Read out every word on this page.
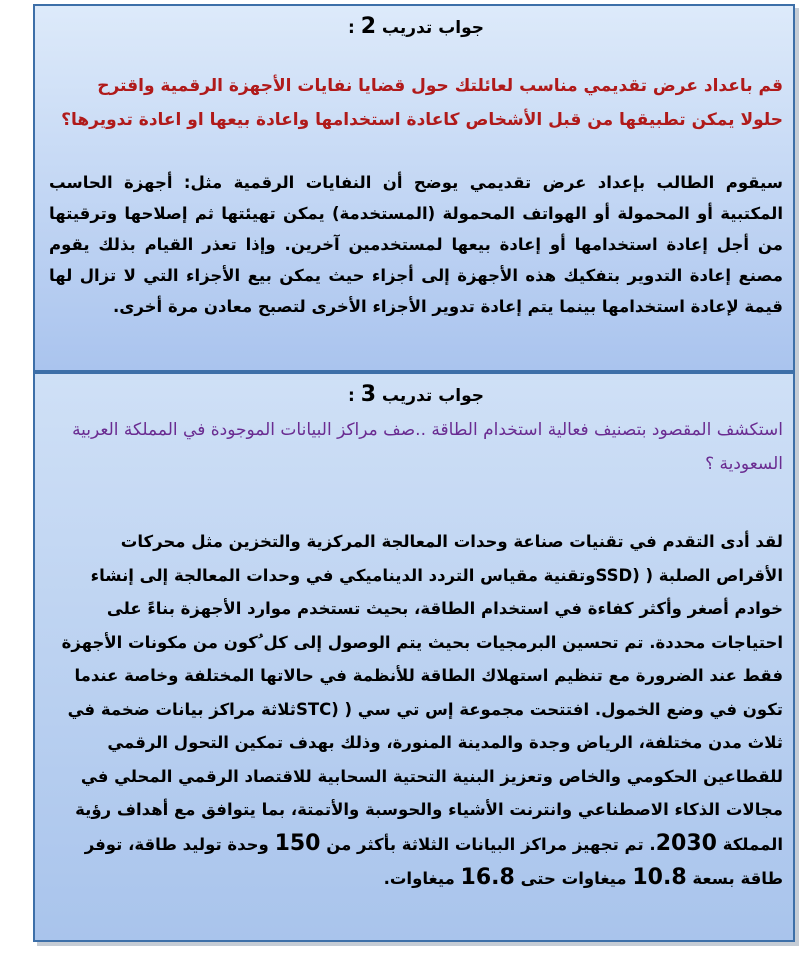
جواب تدريب 2 :
قم باعداد عرض تقديمي مناسب لعائلتك حول قضايا نفايات الأجهزة الرقمية واقترح حلولا يمكن تطبيقها من قبل الأشخاص كاعادة استخدامها واعادة بيعها او اعادة تدويرها؟
سيقوم الطالب بإعداد عرض تقديمي يوضح أن النفايات الرقمية مثل: أجهزة الحاسب المكتبية أو المحمولة أو الهواتف المحمولة (المستخدمة) يمكن تهيئتها ثم إصلاحها وترقيتها من أجل إعادة استخدامها أو إعادة بيعها لمستخدمين آخرين. وإذا تعذر القيام بذلك يقوم مصنع إعادة التدوير بتفكيك هذه الأجهزة إلى أجزاء حيث يمكن بيع الأجزاء التي لا تزال لها قيمة لإعادة استخدامها بينما يتم إعادة تدوير الأجزاء الأخرى لتصبح معادن مرة أخرى.
جواب تدريب 3 :
استكشف المقصود بتصنيف فعالية استخدام الطاقة ..صف مراكز البيانات الموجودة في المملكة العربية السعودية ؟
لقد أدى التقدم في تقنيات صناعة وحدات المعالجة المركزية والتخزين مثل محركات الأقراص الصلبة ( (SSDوتقنية مقياس التردد الديناميكي في وحدات المعالجة إلى إنشاء خوادم أصغر وأكثر كفاءة في استخدام الطاقة، بحيث تستخدم موارد الأجهزة بناءً على احتياجات محددة. تم تحسين البرمجيات بحيث يتم الوصول إلى كل ُكون من مكونات الأجهزة فقط عند الضرورة مع تنظيم استهلاك الطاقة للأنظمة في حالاتها المختلفة وخاصة عندما تكون في وضع الخمول. افتتحت مجموعة إس تي سي ( (STCثلاثة مراكز بيانات ضخمة في ثلاث مدن مختلفة، الرياض وجدة والمدينة المنورة، وذلك بهدف تمكين التحول الرقمي للقطاعين الحكومي والخاص وتعزيز البنية التحتية السحابية للاقتصاد الرقمي المحلي في مجالات الذكاء الاصطناعي وانترنت الأشياء والحوسبة والأتمتة، بما يتوافق مع أهداف رؤية المملكة 2030. تم تجهيز مراكز البيانات الثلاثة بأكثر من 150 وحدة توليد طاقة، توفر طاقة بسعة 10.8 ميغاوات حتى 16.8 ميغاوات.
